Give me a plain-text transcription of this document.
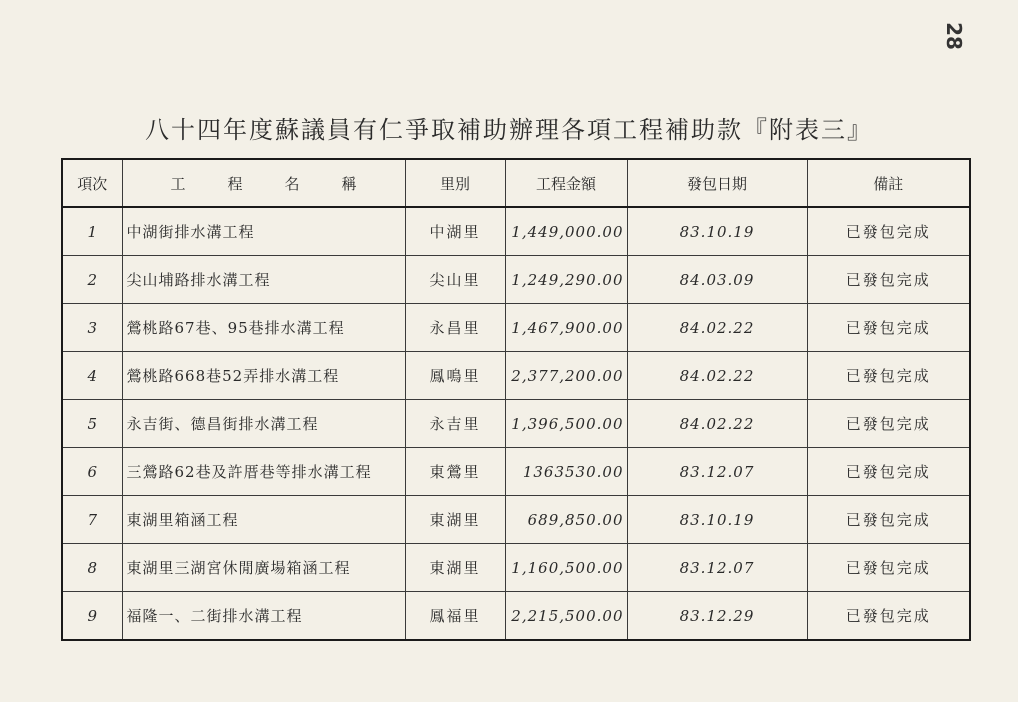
28
八十四年度蘇議員有仁爭取補助辦理各項工程補助款『附表三』
項次	工程名稱	里別	工程金額	發包日期	備註
1	中湖街排水溝工程	中湖里	1,449,000.00	83.10.19	已發包完成
2	尖山埔路排水溝工程	尖山里	1,249,290.00	84.03.09	已發包完成
3	鶯桃路67巷、95巷排水溝工程	永昌里	1,467,900.00	84.02.22	已發包完成
4	鶯桃路668巷52弄排水溝工程	鳳鳴里	2,377,200.00	84.02.22	已發包完成
5	永吉街、德昌街排水溝工程	永吉里	1,396,500.00	84.02.22	已發包完成
6	三鶯路62巷及許厝巷等排水溝工程	東鶯里	1363530.00	83.12.07	已發包完成
7	東湖里箱涵工程	東湖里	689,850.00	83.10.19	已發包完成
8	東湖里三湖宮休閒廣場箱涵工程	東湖里	1,160,500.00	83.12.07	已發包完成
9	福隆一、二街排水溝工程	鳳福里	2,215,500.00	83.12.29	已發包完成
